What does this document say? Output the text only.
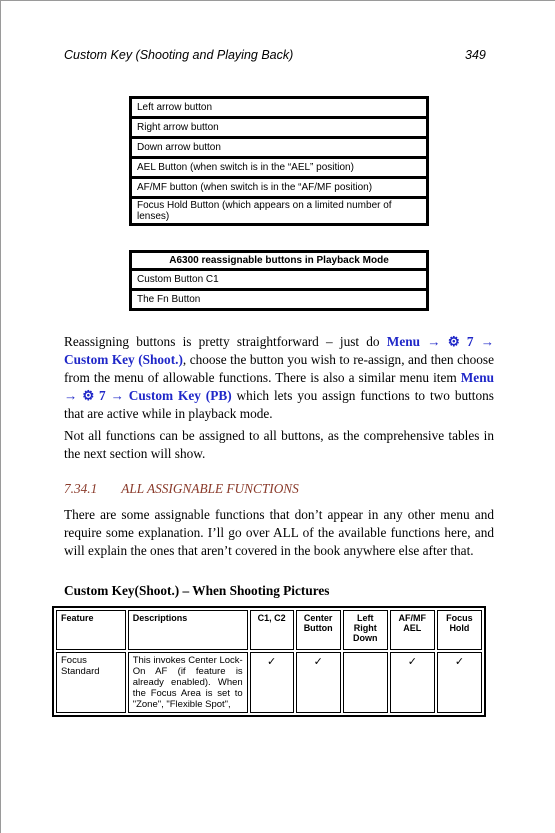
Custom Key (Shooting and Playing Back)	349
Left arrow button
Right arrow button
Down arrow button
AEL Button (when switch is in the “AEL” position)
AF/MF button (when switch is in the “AF/MF position)
Focus Hold Button (which appears on a limited number of lenses)
A6300 reassignable buttons in Playback Mode
Custom Button C1
The Fn Button

Reassigning buttons is pretty straightforward – just do Menu → ⚙ 7 → Custom Key (Shoot.), choose the button you wish to re-assign, and then choose from the menu of allowable functions. There is also a similar menu item Menu → ⚙ 7 → Custom Key (PB) which lets you assign functions to two buttons that are active while in playback mode.

Not all functions can be assigned to all buttons, as the comprehensive tables in the next section will show.

7.34.1 ALL ASSIGNABLE FUNCTIONS

There are some assignable functions that don’t appear in any other menu and require some explanation. I’ll go over ALL of the available functions here, and will explain the ones that aren’t covered in the book anywhere else after that.

Custom Key(Shoot.) – When Shooting Pictures
Feature	Descriptions	C1, C2	Center Button	Left Right Down	AF/MF AEL	Focus Hold
Focus Standard	This invokes Center Lock-On AF (if feature is already enabled). When the Focus Area is set to "Zone", "Flexible Spot",	✓	✓		✓	✓
